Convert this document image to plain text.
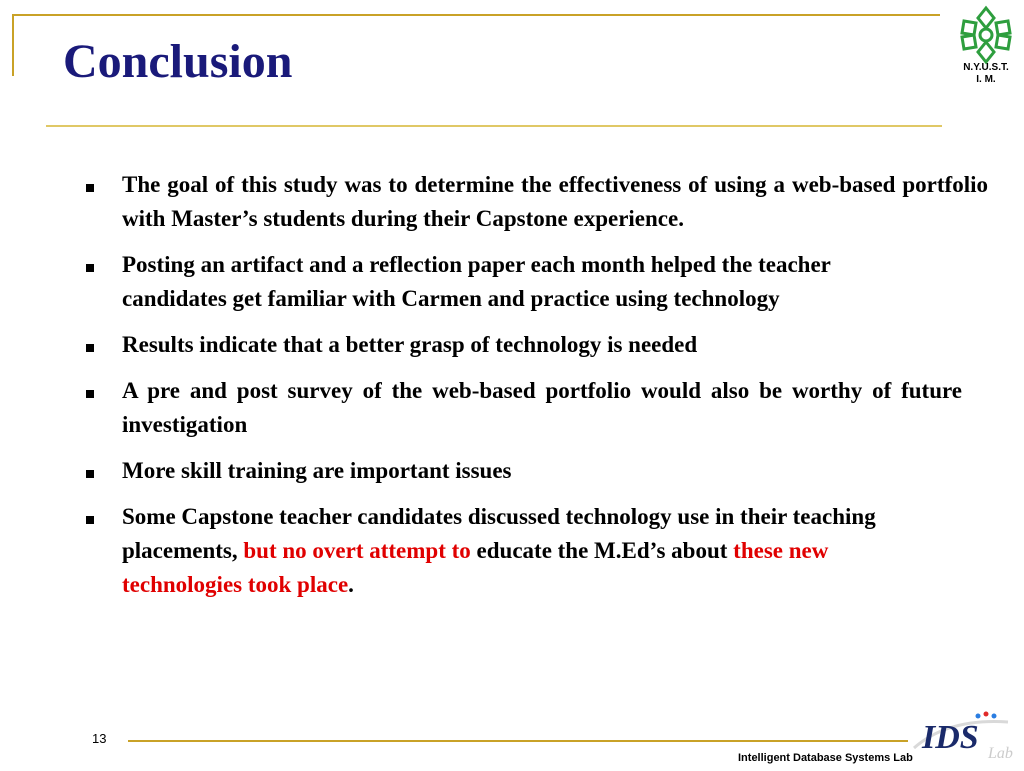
Conclusion	N.Y.U.S.T.
I. M.
The goal of this study was to determine the effectiveness of using a web-based portfolio with Master’s students during their Capstone experience.
Posting an artifact and a reflection paper each month helped the teacher candidates get familiar with Carmen and practice using technology
Results indicate that a better grasp of technology is needed
A pre and post survey of the web-based portfolio would also be worthy of future investigation
More skill training are important issues
Some Capstone teacher candidates discussed technology use in their teaching placements, but no overt attempt to educate the M.Ed’s about these new technologies took place.
13
Intelligent Database Systems Lab
IDS Lab
